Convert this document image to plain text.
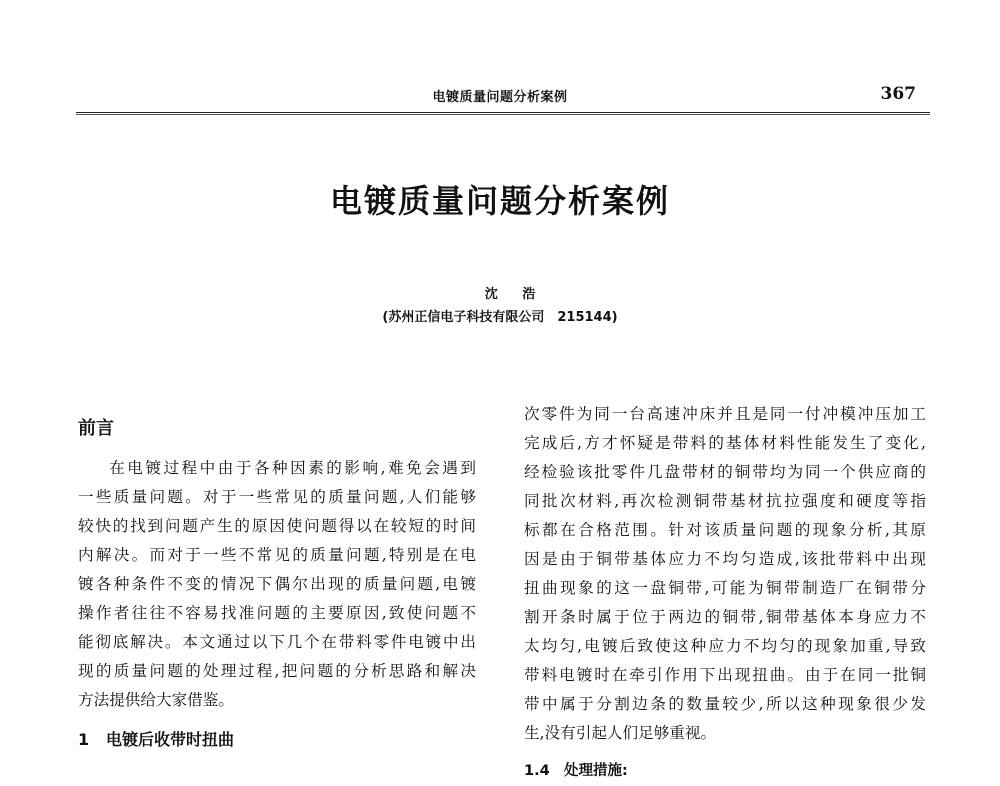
电镀质量问题分析案例	367
电镀质量问题分析案例
沈 浩
(苏州正信电子科技有限公司　215144)
前言
在电镀过程中由于各种因素的影响,难免会遇到
一些质量问题。对于一些常见的质量问题,人们能够
较快的找到问题产生的原因使问题得以在较短的时间
内解决。而对于一些不常见的质量问题,特别是在电
镀各种条件不变的情况下偶尔出现的质量问题,电镀
操作者往往不容易找准问题的主要原因,致使问题不
能彻底解决。本文通过以下几个在带料零件电镀中出
现的质量问题的处理过程,把问题的分析思路和解决
方法提供给大家借鉴。
1 电镀后收带时扭曲
次零件为同一台高速冲床并且是同一付冲模冲压加工
完成后,方才怀疑是带料的基体材料性能发生了变化,
经检验该批零件几盘带材的铜带均为同一个供应商的
同批次材料,再次检测铜带基材抗拉强度和硬度等指
标都在合格范围。针对该质量问题的现象分析,其原
因是由于铜带基体应力不均匀造成,该批带料中出现
扭曲现象的这一盘铜带,可能为铜带制造厂在铜带分
割开条时属于位于两边的铜带,铜带基体本身应力不
太均匀,电镀后致使这种应力不均匀的现象加重,导致
带料电镀时在牵引作用下出现扭曲。由于在同一批铜
带中属于分割边条的数量较少,所以这种现象很少发
生,没有引起人们足够重视。
1.4 处理措施:
